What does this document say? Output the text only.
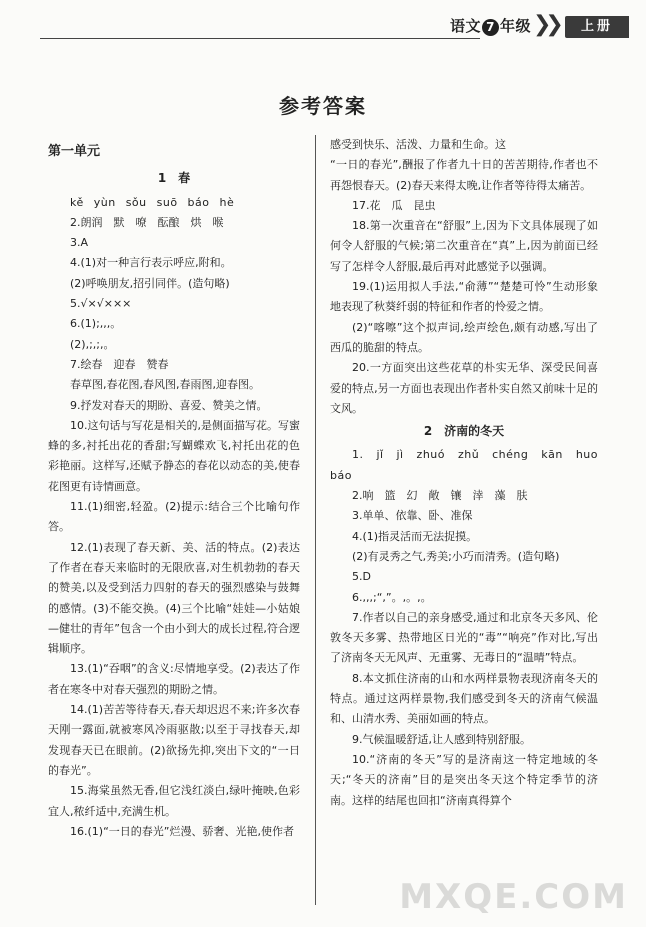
语文 7 年级 ❯❯	上册
参考答案

第一单元

1　春

kě yùn sǒu suō báo hè

2.朗润　默　嘹　酝酿　烘　喉

3.A

4.(1)对一种言行表示呼应,附和。

(2)呼唤朋友,招引同伴。(造句略)

5.√×√×××

6.(1);,,,。

(2),;,;,。

7.绘春　迎春　赞春

春草图,春花图,春风图,春雨图,迎春图。

9.抒发对春天的期盼、喜爱、赞美之情。

10.这句话与写花是相关的,是侧面描写花。写蜜蜂的多,衬托出花的香甜;写蝴蝶欢飞,衬托出花的色彩艳丽。这样写,还赋予静态的春花以动态的美,使春花图更有诗情画意。

11.(1)细密,轻盈。(2)提示:结合三个比喻句作答。

12.(1)表现了春天新、美、活的特点。(2)表达了作者在春天来临时的无限欣喜,对生机勃勃的春天的赞美,以及受到活力四射的春天的强烈感染与鼓舞的感情。(3)不能交换。(4)三个比喻“娃娃—小姑娘—健壮的青年”包含一个由小到大的成长过程,符合逻辑顺序。

13.(1)“吞咽”的含义:尽情地享受。(2)表达了作者在寒冬中对春天强烈的期盼之情。

14.(1)苦苦等待春天,春天却迟迟不来;许多次春天刚一露面,就被寒风冷雨驱散;以至于寻找春天,却发现春天已在眼前。(2)欲扬先抑,突出下文的“一日的春光”。

15.海棠虽然无香,但它浅红淡白,绿叶掩映,色彩宜人,秾纤适中,充满生机。

16.(1)“一日的春光”烂漫、骄奢、光艳,使作者

感受到快乐、活泼、力量和生命。这

“一日的春光”,酬报了作者九十日的苦苦期待,作者也不再怨恨春天。(2)春天来得太晚,让作者等待得太痛苦。

17.花　瓜　昆虫

18.第一次重音在“舒服”上,因为下文具体展现了如何令人舒服的气候;第二次重音在“真”上,因为前面已经写了怎样令人舒服,最后再对此感觉予以强调。

19.(1)运用拟人手法,“俞薄”“楚楚可怜”生动形象地表现了秋葵纤弱的特征和作者的怜爱之情。

(2)“喀嚓”这个拟声词,绘声绘色,颇有动感,写出了西瓜的脆甜的特点。

20.一方面突出这些花草的朴实无华、深受民间喜爱的特点,另一方面也表现出作者朴实自然又前味十足的文风。

2　济南的冬天

1. jǐ jì zhuó zhǔ chéng kān huo báo

2.响　篮　幻　敞　镶　涬　藻　肤

3.单单、依靠、卧、准保

4.(1)指灵活而无法捉摸。

(2)有灵秀之气,秀美;小巧而清秀。(造句略)

5.D

6.,,,;“,”。,。,。

7.作者以自己的亲身感受,通过和北京冬天多风、伦敦冬天多雾、热带地区日光的“毒”“响亮”作对比,写出了济南冬天无风声、无重雾、无毒日的“温晴”特点。

8.本文抓住济南的山和水两样景物表现济南冬天的特点。通过这两样景物,我们感受到冬天的济南气候温和、山清水秀、美丽如画的特点。

9.气候温暖舒适,让人感到特别舒服。

10.“济南的冬天”写的是济南这一特定地域的冬天;“冬天的济南”目的是突出冬天这个特定季节的济南。这样的结尾也回扣“济南真得算个

MXQE.COM
